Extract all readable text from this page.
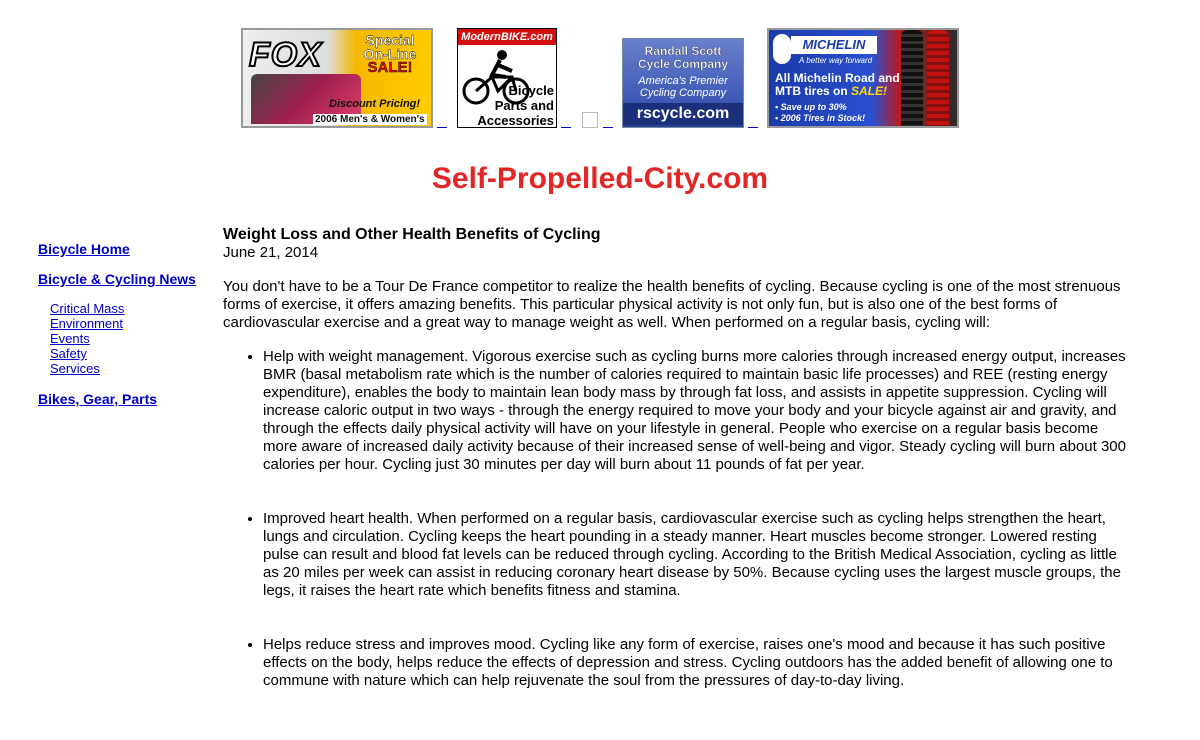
FOX	Special
On-Line
SALE!
Discount Pricing!
2006 Men's & Women's
ModernBIKE.com
Bicycle
Parts and
Accessories
Randall Scott
Cycle Company
America's Premier
Cycling Company
rscycle.com
MICHELIN
A better way forward
All Michelin Road and
MTB tires on SALE!
• Save up to 30%
• 2006 Tires in Stock!
Self-Propelled-City.com
Bicycle Home
Bicycle & Cycling News
Critical Mass
Environment
Events
Safety
Services
Bikes, Gear, Parts
Weight Loss and Other Health Benefits of Cycling
June 21, 2014

You don't have to be a Tour De France competitor to realize the health benefits of cycling. Because cycling is one of the most strenuous forms of exercise, it offers amazing benefits. This particular physical activity is not only fun, but is also one of the best forms of cardiovascular exercise and a great way to manage weight as well. When performed on a regular basis, cycling will:

• Help with weight management. Vigorous exercise such as cycling burns more calories through increased energy output, increases BMR (basal metabolism rate which is the number of calories required to maintain basic life processes) and REE (resting energy expenditure), enables the body to maintain lean body mass by through fat loss, and assists in appetite suppression. Cycling will increase caloric output in two ways - through the energy required to move your body and your bicycle against air and gravity, and through the effects daily physical activity will have on your lifestyle in general. People who exercise on a regular basis become more aware of increased daily activity because of their increased sense of well-being and vigor. Steady cycling will burn about 300 calories per hour. Cycling just 30 minutes per day will burn about 11 pounds of fat per year.
• Improved heart health. When performed on a regular basis, cardiovascular exercise such as cycling helps strengthen the heart, lungs and circulation. Cycling keeps the heart pounding in a steady manner. Heart muscles become stronger. Lowered resting pulse can result and blood fat levels can be reduced through cycling. According to the British Medical Association, cycling as little as 20 miles per week can assist in reducing coronary heart disease by 50%. Because cycling uses the largest muscle groups, the legs, it raises the heart rate which benefits fitness and stamina.
• Helps reduce stress and improves mood. Cycling like any form of exercise, raises one's mood and because it has such positive effects on the body, helps reduce the effects of depression and stress. Cycling outdoors has the added benefit of allowing one to commune with nature which can help rejuvenate the soul from the pressures of day-to-day living.
